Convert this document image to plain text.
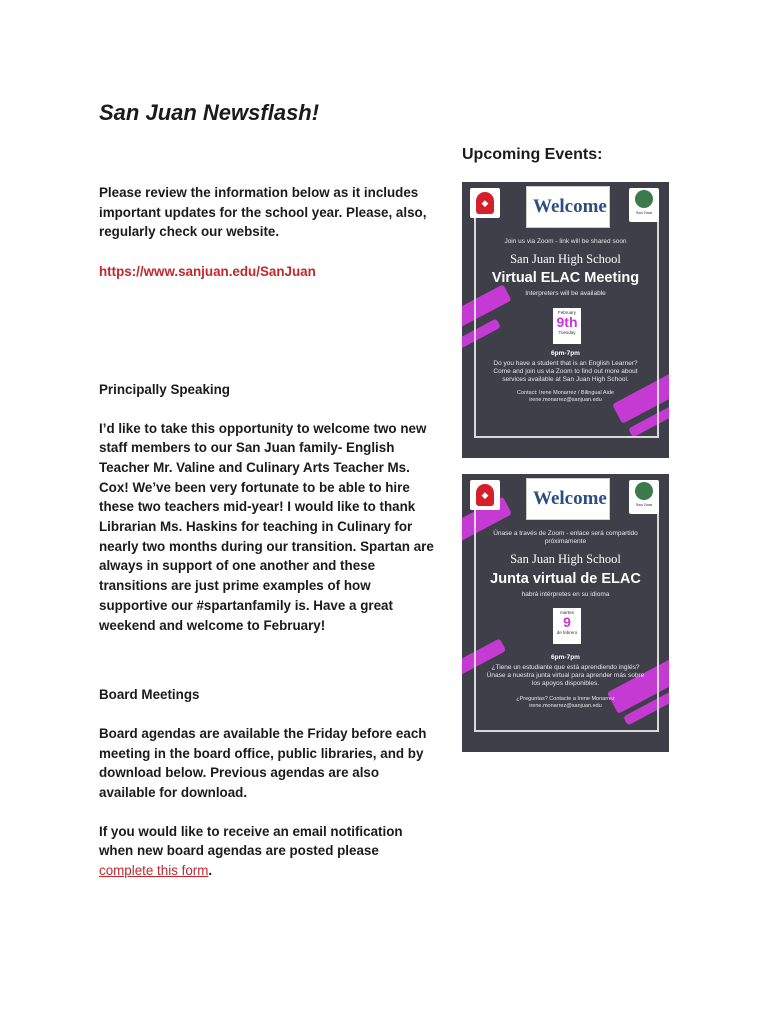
San Juan Newsflash!

Please review the information below as it includes important updates for the school year. Please, also, regularly check our website.

https://www.sanjuan.edu/SanJuan

Principally Speaking

I’d like to take this opportunity to welcome two new staff members to our San Juan family- English Teacher Mr. Valine and Culinary Arts Teacher Ms. Cox! We’ve been very fortunate to be able to hire these two teachers mid-year! I would like to thank Librarian Ms. Haskins for teaching in Culinary for nearly two months during our transition. Spartan are always in support of one another and these transitions are just prime examples of how supportive our #spartanfamily is. Have a great weekend and welcome to February!

Board Meetings

Board agendas are available the Friday before each meeting in the board office, public libraries, and by download below. Previous agendas are also available for download.

If you would like to receive an email notification when new board agendas are posted please complete this form.

Upcoming Events:
◆ Welcome	San Juan
Join us via Zoom - link will be shared soon
San Juan High School
Virtual ELAC Meeting
Interpreters will be available
February
9th
Tuesday
6pm-7pm
Do you have a student that is an English Learner? Come and join us via Zoom to find out more about services available at San Juan High School.
Contact: Irene Monarrez / Bilingual Aide irene.monarrez@sanjuan.edu
◆ Welcome	San Juan
Únase a través de Zoom - enlace será compartido próximamente
San Juan High School
Junta virtual de ELAC
habrá intérpretes en su idioma
martes
9
de febrero
6pm-7pm
¿Tiene un estudiante que está aprendiendo inglés? Únase a nuestra junta virtual para aprender más sobre los apoyos disponibles.
¿Preguntas? Contacte a Irene Monarrez irene.monarrez@sanjuan.edu
